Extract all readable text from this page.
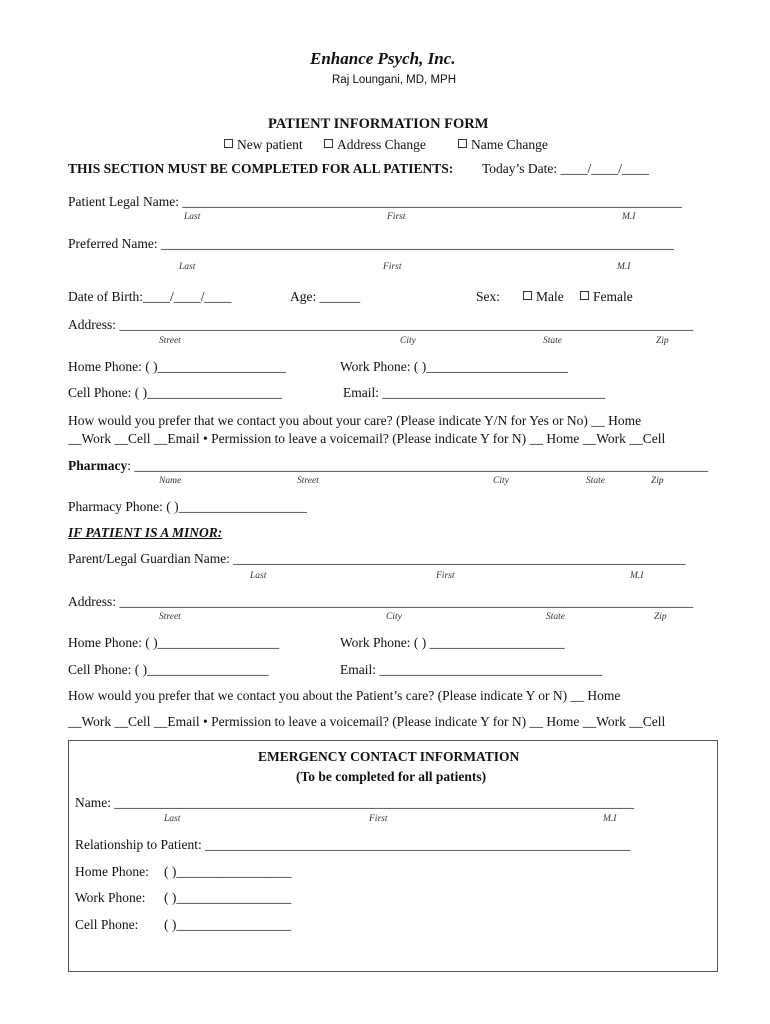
Enhance Psych, Inc.
Raj Loungani, MD, MPH
PATIENT INFORMATION FORM
New patient	Address Change	Name Change
THIS SECTION MUST BE COMPLETED FOR ALL PATIENTS: Today’s Date: ____/____/____
Patient Legal Name: __________________________________________________________________________
Last	First	M.I
Preferred Name: ____________________________________________________________________________
Last	First	M.I
Date of Birth:____/____/____	Age: ______	Sex:	Male	Female
Address: _____________________________________________________________________________________
Street	City	State	Zip
Home Phone: ( )___________________	Work Phone: ( )_____________________
Cell Phone: ( )____________________	Email: _________________________________
How would you prefer that we contact you about your care? (Please indicate Y/N for Yes or No) __ Home
__Work __Cell __Email • Permission to leave a voicemail? (Please indicate Y for N) __ Home __Work __Cell
Pharmacy: _____________________________________________________________________________________
Name	Street	City	State	Zip
Pharmacy Phone: ( )___________________
IF PATIENT IS A MINOR:
Parent/Legal Guardian Name: ___________________________________________________________________
Last	First	M.I
Address: _____________________________________________________________________________________
Street	City	State	Zip
Home Phone: ( )__________________	Work Phone: ( ) ____________________
Cell Phone: ( )__________________	Email: _________________________________
How would you prefer that we contact you about the Patient’s care? (Please indicate Y or N) __ Home
__Work __Cell __Email • Permission to leave a voicemail? (Please indicate Y for N) __ Home __Work __Cell
EMERGENCY CONTACT INFORMATION
(To be completed for all patients)
Name: _____________________________________________________________________________
Last	First	M.I
Relationship to Patient: _______________________________________________________________
Home Phone: ( )_________________
Work Phone: ( )_________________
Cell Phone: ( )_________________
